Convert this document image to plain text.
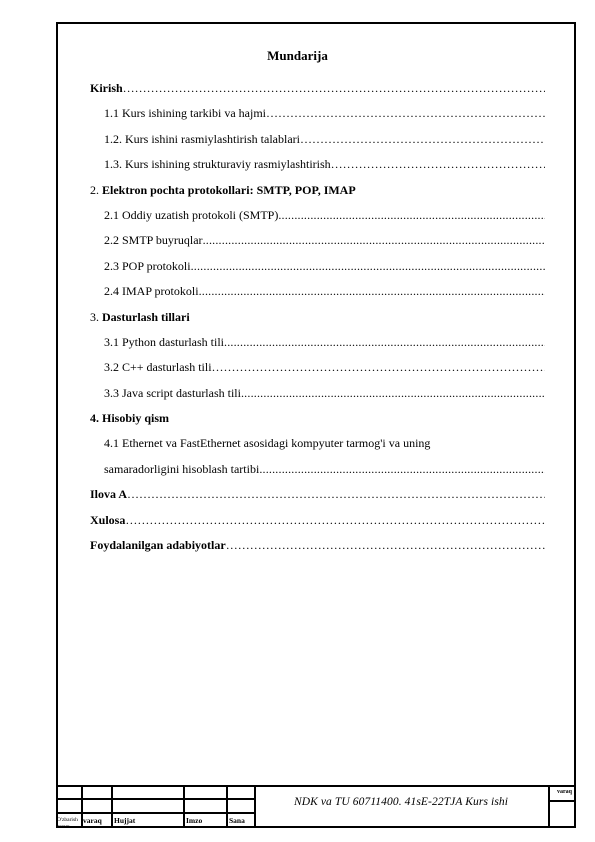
Mundarija
Kirish
…………………………………………………………………………………………………………………………………………………………………………………………………………………………
1.1 Kurs ishining tarkibi va hajmi
…………………………………………………………………………………………………………………………………………………………………………………………………………………………
1.2. Kurs ishini rasmiylashtirish talablari
…………………………………………………………………………………………………………………………………………………………………………………………………………………………
1.3. Kurs ishining strukturaviy rasmiylashtirish
…………………………………………………………………………………………………………………………………………………………………………………………………………………………
2. Elektron pochta protokollari: SMTP, POP, IMAP
2.1 Oddiy uzatish protokoli (SMTP)
.....
2.2 SMTP buyruqlar
.....
2.3 POP protokoli
.....
2.4 IMAP protokoli
.....
3. Dasturlash tillari
3.1 Python dasturlash tili
.....
3.2 C++ dasturlash tili
…………………………………………………………………………………………………………………………………………………………………………………………………………………………
3.3 Java script dasturlash tili
.....
4. Hisobiy qism
4.1 Ethernet va FastEthernet asosidagi kompyuter tarmog'i va uning
samaradorligini hisoblash tartibi
.....
Ilova A
…………………………………………………………………………………………………………………………………………………………………………………………………………………………
Xulosa
…………………………………………………………………………………………………………………………………………………………………………………………………………………………
Foydalanilgan adabiyotlar
…………………………………………………………………………………………………………………………………………………………………………………………………………………………
O'zbarish
mmm
varaq Hujjat	Imzo	Sana
NDK va TU 60711400. 41sE-22TJA Kurs ishi
varaq
